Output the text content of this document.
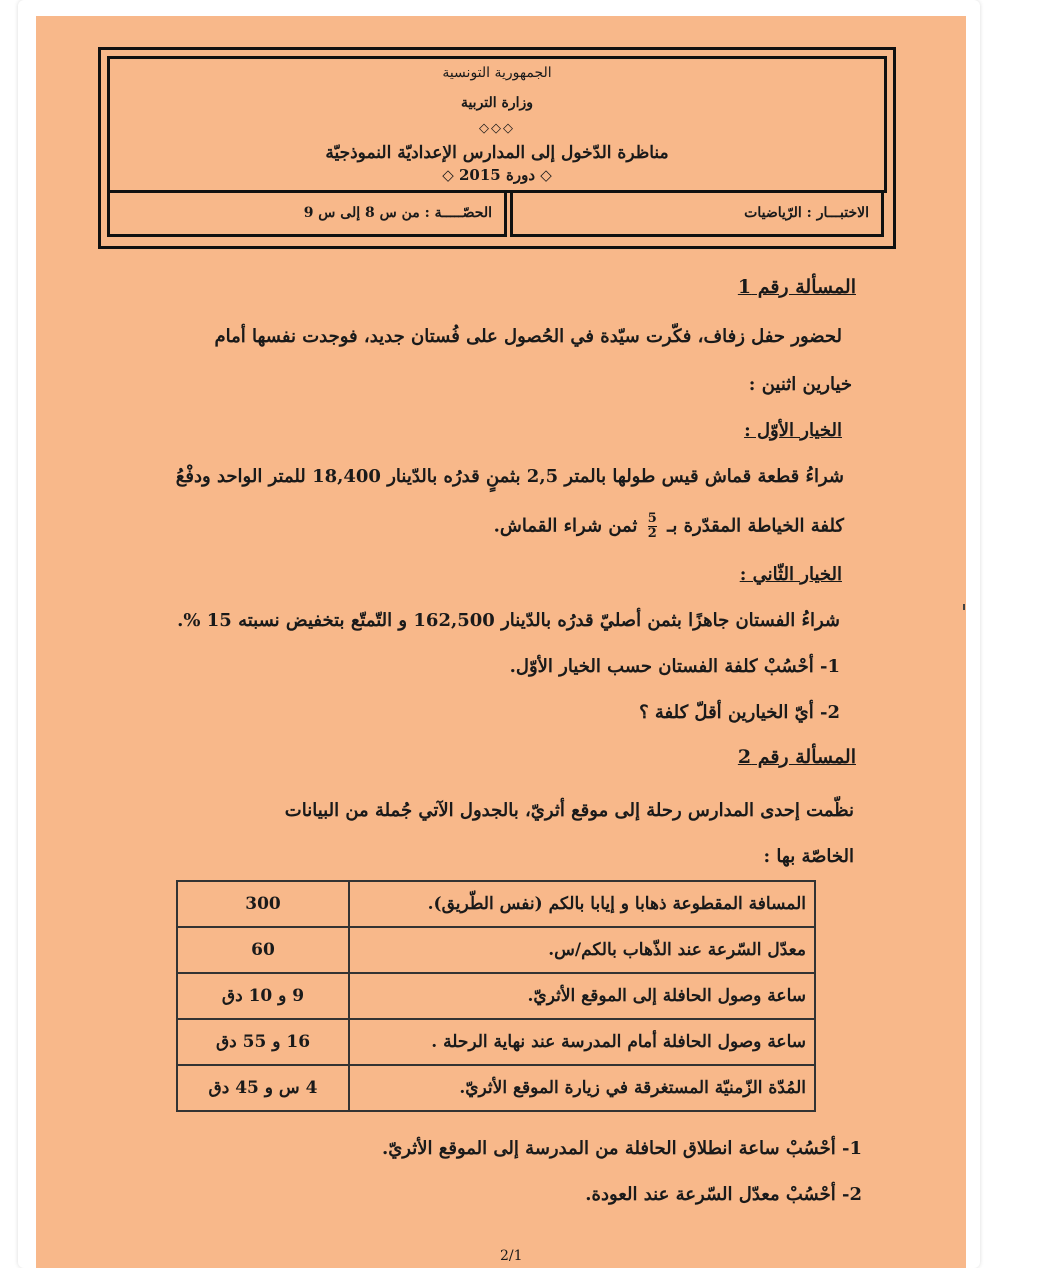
الجمهورية التونسية
وزارة التربية
◇◇◇
مناظرة الدّخول إلى المدارس الإعداديّة النموذجيّة
◇ دورة 2015 ◇
الحصّـــــة : من س 8 إلى س 9	الاختبـــار : الرّياضيات
المسألة رقم 1
لحضور حفل زفاف، فكّرت سيّدة في الحُصول على فُستان جديد، فوجدت نفسها أمام
خيارين اثنين :
الخيار الأوّل :
شراءُ قطعة قماش قيس طولها بالمتر 2,5 بثمنٍ قدرُه بالدّينار 18,400 للمتر الواحد ودفْعُ
كلفة الخياطة المقدّرة بـ
$\frac{5}{2}$
ثمن شراء القماش.
الخيار الثّاني :
شراءُ الفستان جاهزًا بثمن أصليّ قدرُه بالدّينار 162,500 و التّمتّع بتخفيض نسبته 15 %.
1- أحْسُبْ كلفة الفستان حسب الخيار الأوّل.
2- أيّ الخيارين أقلّ كلفة ؟
المسألة رقم 2
نظّمت إحدى المدارس رحلة إلى موقع أثريّ، بالجدول الآتي جُملة من البيانات
الخاصّة بها :
المسافة المقطوعة ذهابا و إيابا بالكم (نفس الطّريق).	300
معدّل السّرعة عند الذّهاب بالكم/س.	60
ساعة وصول الحافلة إلى الموقع الأثريّ.	9 و 10 دق
ساعة وصول الحافلة أمام المدرسة عند نهاية الرحلة .	16 و 55 دق
المُدّة الزّمنيّة المستغرقة في زيارة الموقع الأثريّ.	4 س و 45 دق
1- أحْسُبْ ساعة انطلاق الحافلة من المدرسة إلى الموقع الأثريّ.
2- أحْسُبْ معدّل السّرعة عند العودة.
2/1
